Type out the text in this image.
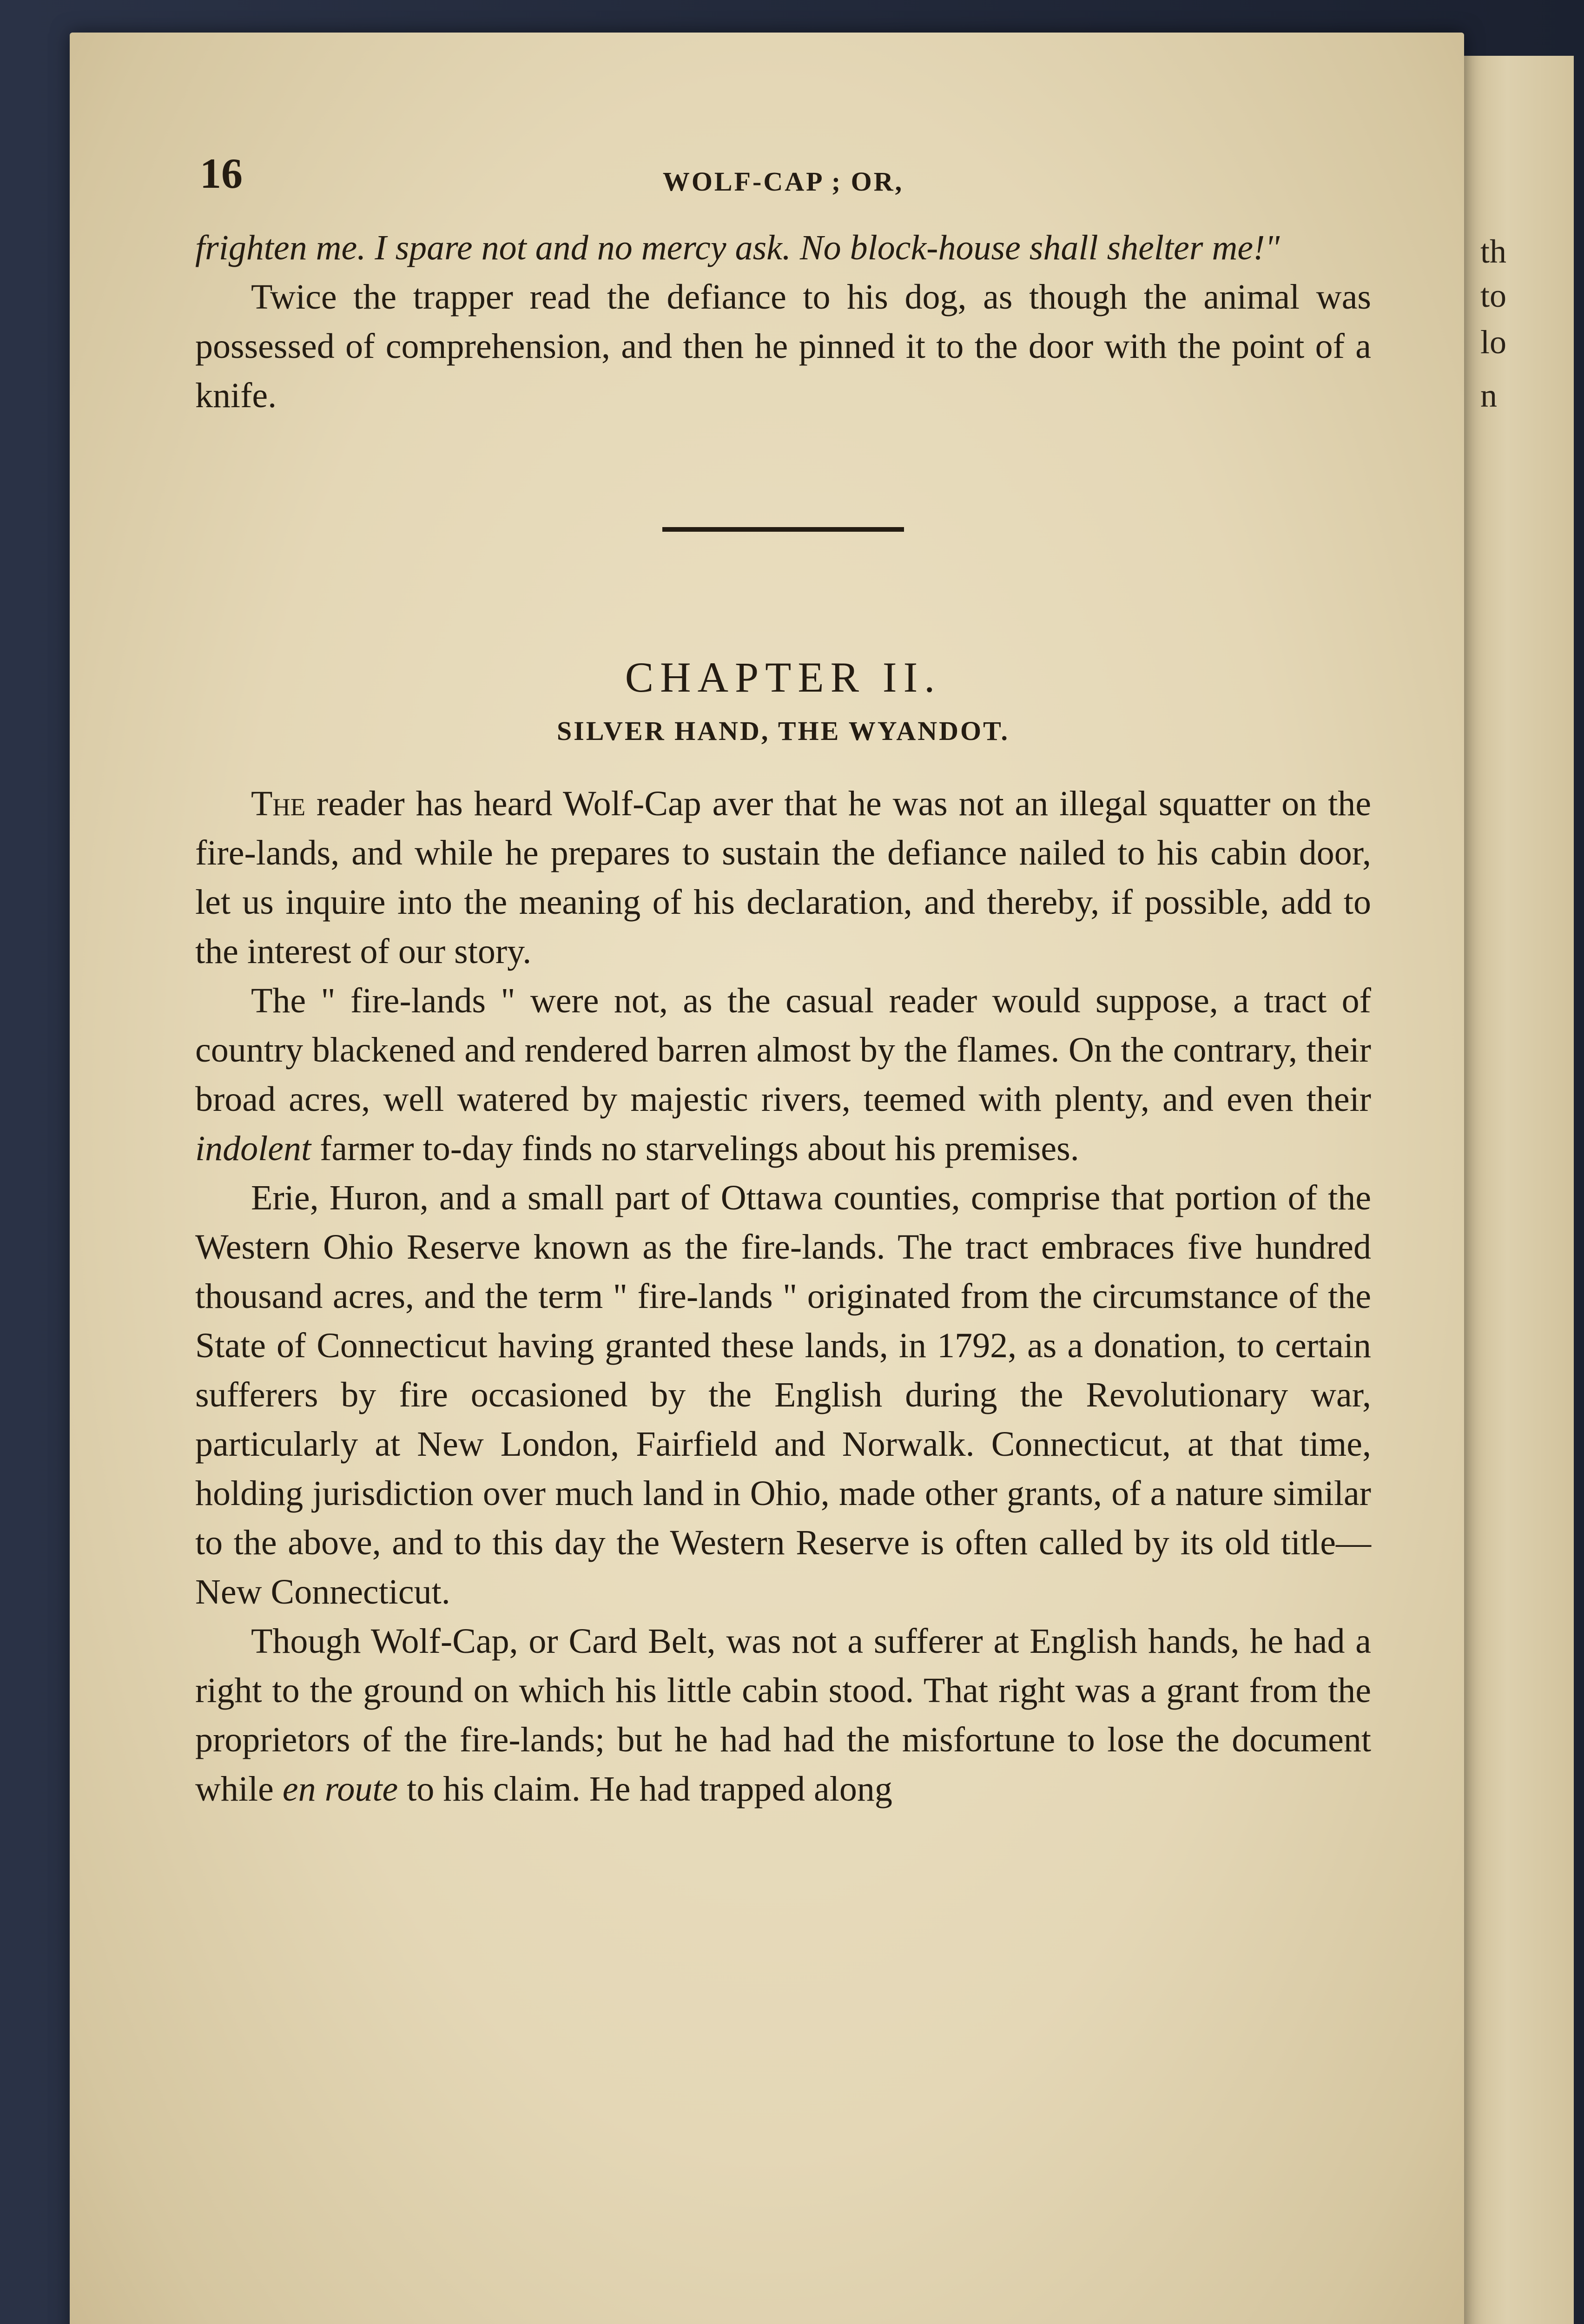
th
to
lo
n
16	WOLF-CAP ; OR,

frighten me. I spare not and no mercy ask. No block-house shall shelter me!"

Twice the trapper read the defiance to his dog, as though the animal was possessed of comprehension, and then he pinned it to the door with the point of a knife.

CHAPTER II.
SILVER HAND, THE WYANDOT.

The reader has heard Wolf-Cap aver that he was not an illegal squatter on the fire-lands, and while he prepares to sustain the defiance nailed to his cabin door, let us inquire into the meaning of his declaration, and thereby, if possible, add to the interest of our story.

The " fire-lands " were not, as the casual reader would suppose, a tract of country blackened and rendered barren almost by the flames. On the contrary, their broad acres, well watered by majestic rivers, teemed with plenty, and even their indolent farmer to-day finds no starvelings about his premises.

Erie, Huron, and a small part of Ottawa counties, comprise that portion of the Western Ohio Reserve known as the fire-lands. The tract embraces five hundred thousand acres, and the term " fire-lands " originated from the circumstance of the State of Connecticut having granted these lands, in 1792, as a donation, to certain sufferers by fire occasioned by the English during the Revolutionary war, particularly at New London, Fairfield and Norwalk. Connecticut, at that time, holding jurisdiction over much land in Ohio, made other grants, of a nature similar to the above, and to this day the Western Reserve is often called by its old title—New Connecticut.

Though Wolf-Cap, or Card Belt, was not a sufferer at English hands, he had a right to the ground on which his little cabin stood. That right was a grant from the proprietors of the fire-lands; but he had had the misfortune to lose the document while en route to his claim. He had trapped along
